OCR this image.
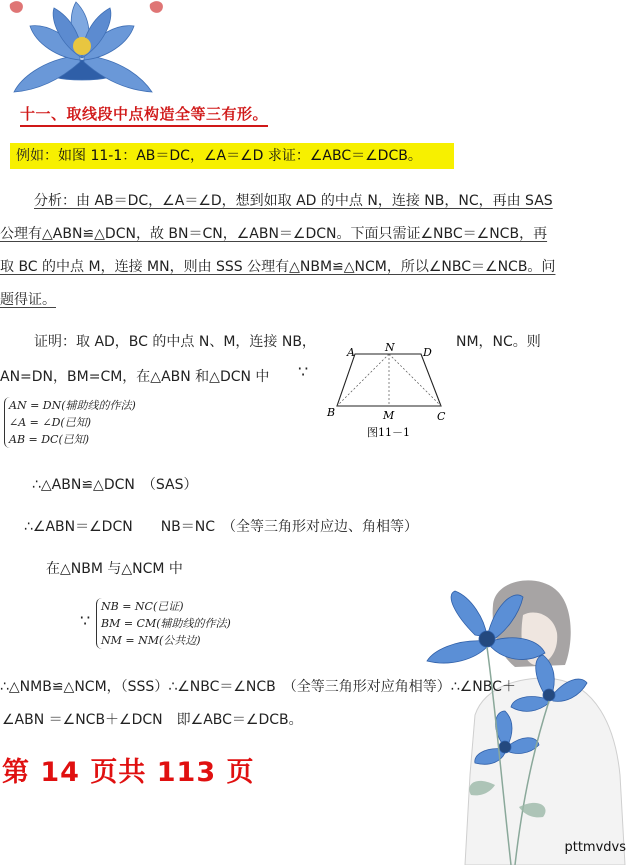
十一、取线段中点构造全等三有形。
例如：如图 11-1：AB＝DC，∠A＝∠D 求证：∠ABC＝∠DCB。
分析：由 AB＝DC，∠A＝∠D，想到如取 AD 的中点 N，连接 NB，NC，再由 SAS
公理有△ABN≌△DCN，故 BN＝CN，∠ABN＝∠DCN。下面只需证∠NBC＝∠NCB，再
取 BC 的中点 M，连接 MN，则由 SSS 公理有△NBM≌△NCM，所以∠NBC＝∠NCB。问
题得证。
证明：取 AD，BC 的中点 N、M，连接 NB，	NM，NC。则
AN=DN，BM=CM，在△ABN 和△DCN 中 ∵
A	N	D
B	M	C
图11－1
AN = DN(辅助线的作法)
∠A = ∠D(已知)
AB = DC(已知)
∴△ABN≌△DCN　（SAS）
∴∠ABN＝∠DCN　　NB＝NC　（全等三角形对应边、角相等）
在△NBM 与△NCM 中
∵
NB = NC(已证)
BM = CM(辅助线的作法)
NM = NM(公共边)
∴△NMB≌△NCM，（SSS）∴∠NBC＝∠NCB　（全等三角形对应角相等）∴∠NBC＋
∠ABN ＝∠NCB＋∠DCN　即∠ABC＝∠DCB。
第 14 页共 113 页
pttmvdvs
